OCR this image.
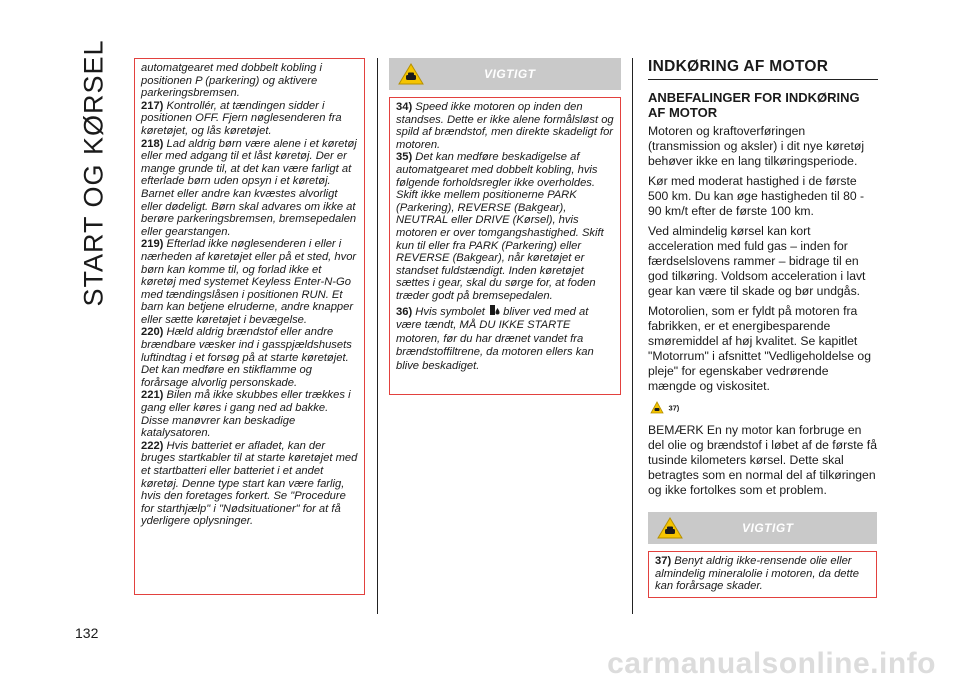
START OG KØRSEL
132

automatgearet med dobbelt kobling i positionen P (parkering) og aktivere parkeringsbremsen.

217) Kontrollér, at tændingen sidder i positionen OFF. Fjern nøglesenderen fra køretøjet, og lås køretøjet.

218) Lad aldrig børn være alene i et køretøj eller med adgang til et låst køretøj. Der er mange grunde til, at det kan være farligt at efterlade børn uden opsyn i et køretøj. Barnet eller andre kan kvæstes alvorligt eller dødeligt. Børn skal advares om ikke at berøre parkeringsbremsen, bremsepedalen eller gearstangen.

219) Efterlad ikke nøglesenderen i eller i nærheden af køretøjet eller på et sted, hvor børn kan komme til, og forlad ikke et køretøj med systemet Keyless Enter-N-Go med tændingslåsen i positionen RUN. Et barn kan betjene elruderne, andre knapper eller sætte køretøjet i bevægelse.

220) Hæld aldrig brændstof eller andre brændbare væsker ind i gasspjældshusets luftindtag i et forsøg på at starte køretøjet. Det kan medføre en stikflamme og forårsage alvorlig personskade.

221) Bilen må ikke skubbes eller trækkes i gang eller køres i gang ned ad bakke. Disse manøvrer kan beskadige katalysatoren.

222) Hvis batteriet er afladet, kan der bruges startkabler til at starte køretøjet med et startbatteri eller batteriet i et andet køretøj. Denne type start kan være farlig, hvis den foretages forkert. Se "Procedure for starthjælp" i "Nødsituationer" for at få yderligere oplysninger.

VIGTIGT

34) Speed ikke motoren op inden den standses. Dette er ikke alene formålsløst og spild af brændstof, men direkte skadeligt for motoren.

35) Det kan medføre beskadigelse af automatgearet med dobbelt kobling, hvis følgende forholdsregler ikke overholdes. Skift ikke mellem positionerne PARK (Parkering), REVERSE (Bakgear), NEUTRAL eller DRIVE (Kørsel), hvis motoren er over tomgangshastighed. Skift kun til eller fra PARK (Parkering) eller REVERSE (Bakgear), når køretøjet er standset fuldstændigt. Inden køretøjet sættes i gear, skal du sørge for, at foden træder godt på bremsepedalen.

36) Hvis symbolet bliver ved med at være tændt, MÅ DU IKKE STARTE motoren, før du har drænet vandet fra brændstoffiltrene, da motoren ellers kan blive beskadiget.

INDKØRING AF MOTOR
ANBEFALINGER FOR INDKØRING AF MOTOR

Motoren og kraftoverføringen (transmission og aksler) i dit nye køretøj behøver ikke en lang tilkøringsperiode.

Kør med moderat hastighed i de første 500 km. Du kan øge hastigheden til 80 - 90 km/t efter de første 100 km.

Ved almindelig kørsel kan kort acceleration med fuld gas – inden for færdselslovens rammer – bidrage til en god tilkøring. Voldsom acceleration i lavt gear kan være til skade og bør undgås.

Motorolien, som er fyldt på motoren fra fabrikken, er et energibesparende smøremiddel af høj kvalitet. Se kapitlet "Motorrum" i afsnittet "Vedligeholdelse og pleje" for egenskaber vedrørende mængde og viskositet.

37)

BEMÆRK En ny motor kan forbruge en del olie og brændstof i løbet af de første få tusinde kilometers kørsel. Dette skal betragtes som en normal del af tilkøringen og ikke fortolkes som et problem.

VIGTIGT

37) Benyt aldrig ikke-rensende olie eller almindelig mineralolie i motoren, da dette kan forårsage skader.

carmanualsonline.info
